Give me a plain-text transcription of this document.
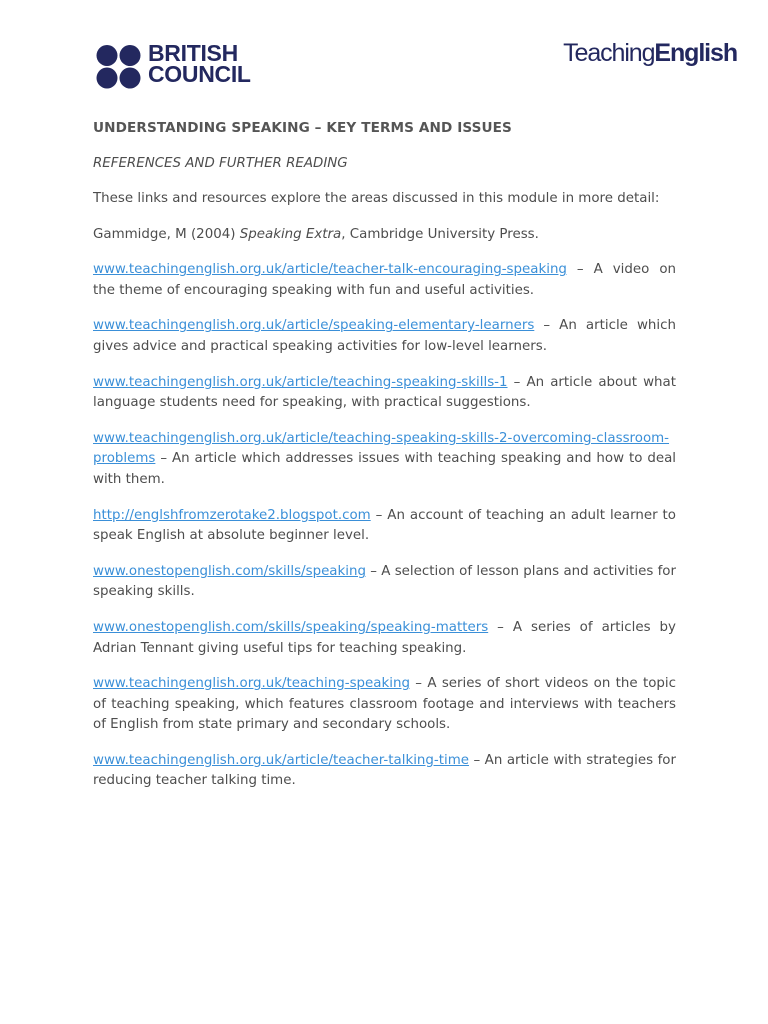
BRITISH
COUNCIL
TeachingEnglish
UNDERSTANDING SPEAKING – KEY TERMS AND ISSUES

REFERENCES AND FURTHER READING

These links and resources explore the areas discussed in this module in more detail:

Gammidge, M (2004) Speaking Extra, Cambridge University Press.

www.teachingenglish.org.uk/article/teacher-talk-encouraging-speaking – A video on the theme of encouraging speaking with fun and useful activities.

www.teachingenglish.org.uk/article/speaking-elementary-learners – An article which gives advice and practical speaking activities for low-level learners.

www.teachingenglish.org.uk/article/teaching-speaking-skills-1 – An article about what language students need for speaking, with practical suggestions.

www.teachingenglish.org.uk/article/teaching-speaking-skills-2-overcoming-classroom-problems – An article which addresses issues with teaching speaking and how to deal with them.

http://englshfromzerotake2.blogspot.com – An account of teaching an adult learner to speak English at absolute beginner level.

www.onestopenglish.com/skills/speaking – A selection of lesson plans and activities for speaking skills.

www.onestopenglish.com/skills/speaking/speaking-matters – A series of articles by Adrian Tennant giving useful tips for teaching speaking.

www.teachingenglish.org.uk/teaching-speaking – A series of short videos on the topic of teaching speaking, which features classroom footage and interviews with teachers of English from state primary and secondary schools.

www.teachingenglish.org.uk/article/teacher-talking-time – An article with strategies for reducing teacher talking time.
